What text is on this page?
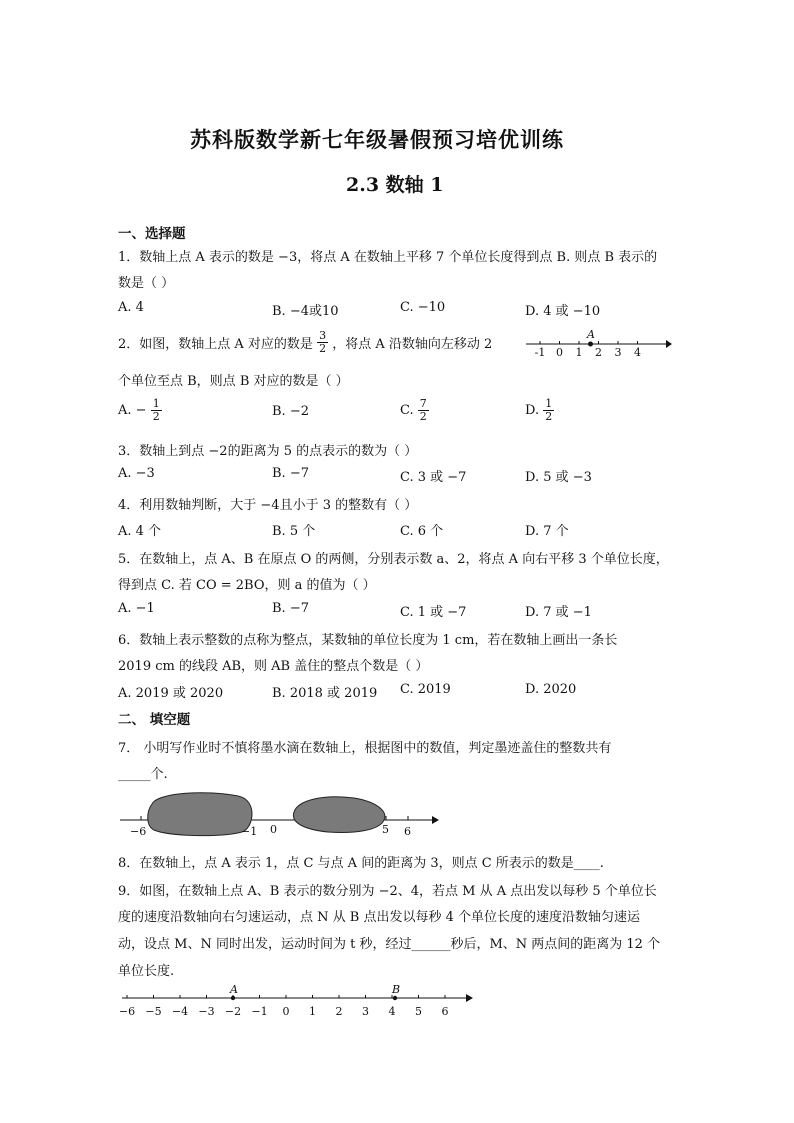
苏科版数学新七年级暑假预习培优训练
2.3 数轴 1
一、选择题
1．数轴上点 A 表示的数是 −3，将点 A 在数轴上平移 7 个单位长度得到点 B. 则点 B 表示的
数是（ ）
A. 4	B. −4或10	C. −10	D. 4 或 −10
2．如图，数轴上点 A 对应的数是 $\frac{3}{2}$ ，将点 A 沿数轴向左移动 2
-1 0 1 2 3 4
A
个单位至点 B，则点 B 对应的数是（ ）
A. − $\frac{1}{2}$	B. −2	C. $\frac{7}{2}$	D. $\frac{1}{2}$
3．数轴上到点 −2的距离为 5 的点表示的数为（ ）
A. −3	B. −7	C. 3 或 −7	D. 5 或 −3
4．利用数轴判断，大于 −4且小于 3 的整数有（ ）
A. 4 个	B. 5 个	C. 6 个	D. 7 个
5．在数轴上，点 A、B 在原点 O 的两侧，分别表示数 a、2，将点 A 向右平移 3 个单位长度，
得到点 C. 若 CO = 2BO，则 a 的值为（ ）
A. −1	B. −7	C. 1 或 −7	D. 7 或 −1
6．数轴上表示整数的点称为整点，某数轴的单位长度为 1 cm，若在数轴上画出一条长
2019 cm 的线段 AB，则 AB 盖住的整点个数是（ ）
A. 2019 或 2020	B. 2018 或 2019 C. 2019	D. 2020
二、 填空题
7． 小明写作业时不慎将墨水滴在数轴上，根据图中的数值，判定墨迹盖住的整数共有
_____个.
−6	−1 0	5 6
8．在数轴上，点 A 表示 1，点 C 与点 A 间的距离为 3，则点 C 所表示的数是____.
9．如图，在数轴上点 A、B 表示的数分别为 −2、4，若点 M 从 A 点出发以每秒 5 个单位长
度的速度沿数轴向右匀速运动，点 N 从 B 点出发以每秒 4 个单位长度的速度沿数轴匀速运
动，设点 M、N 同时出发，运动时间为 t 秒，经过______秒后，M、N 两点间的距离为 12 个
单位长度.
−6 −5 −4 −3 −2 −1 0 1 2 3 4 5 6
A	B
